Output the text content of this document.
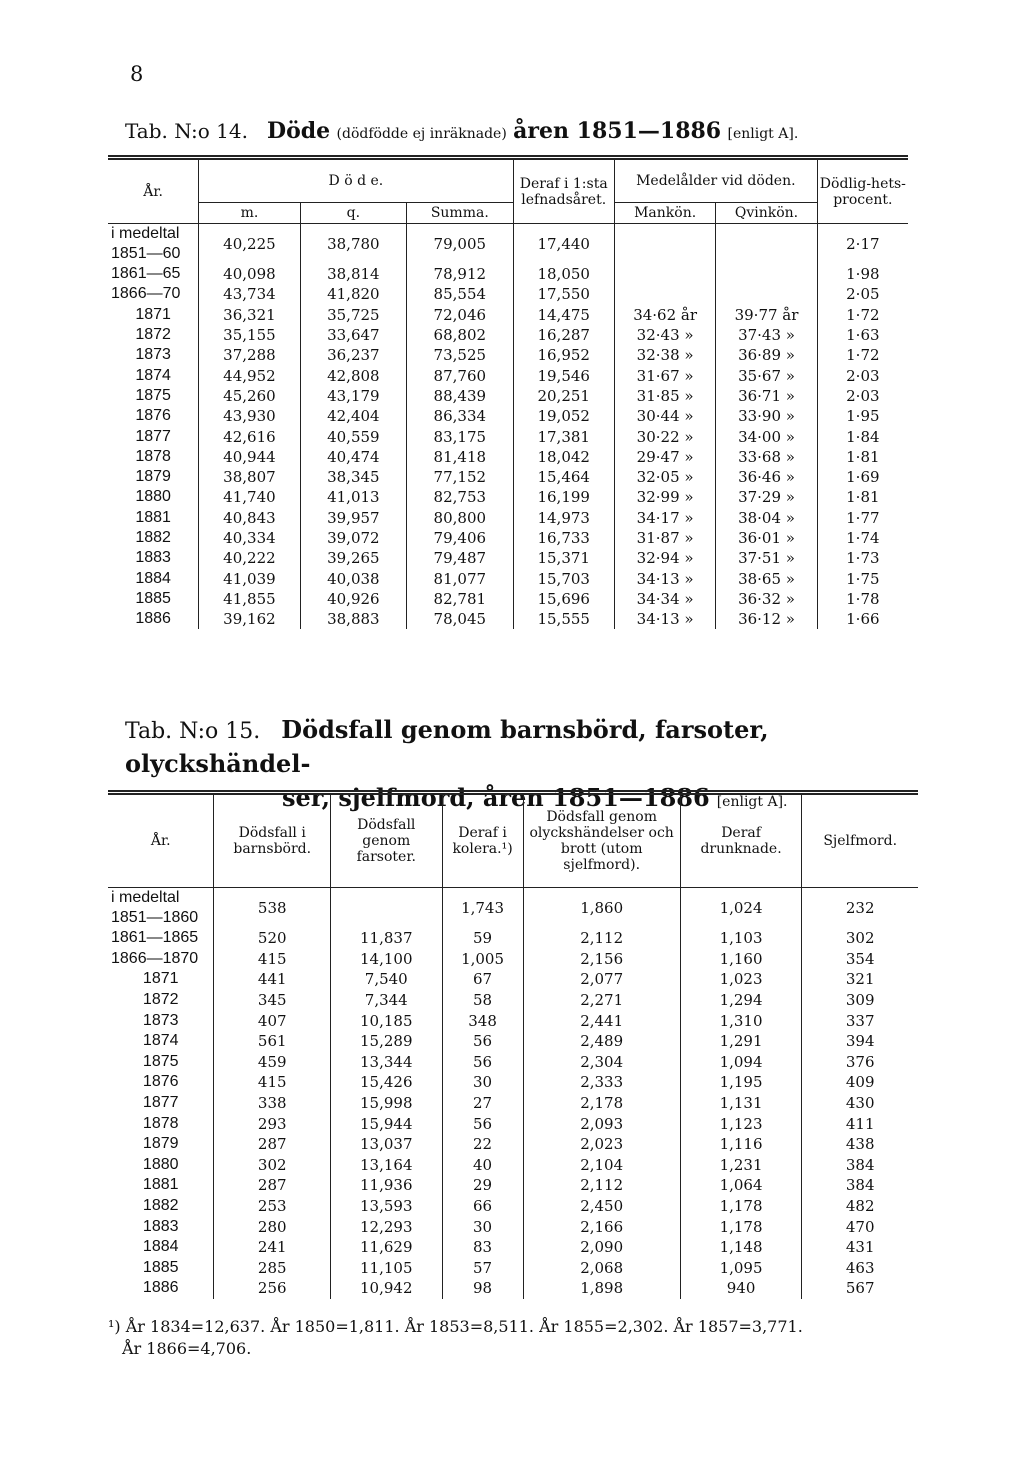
8
Tab. N:o 14. Döde (dödfödde ej inräknade) åren 1851—1886 [enligt A].
År.	D ö d e.			Deraf i 1:sta lefnadsåret.	Medelålder vid döden.		Dödlig-hets-procent.
	m.	q.	Summa.		Mankön.	Qvinkön.	

i medeltal
1851—60	40,225	38,780	79,005	17,440			2·17

1861—65	40,098	38,814	78,912	18,050			1·98
1866—70	43,734	41,820	85,554	17,550			2·05
1871	36,321	35,725	72,046	14,475	34·62 år	39·77 år	1·72
1872	35,155	33,647	68,802	16,287	32·43 »	37·43 »	1·63
1873	37,288	36,237	73,525	16,952	32·38 »	36·89 »	1·72
1874	44,952	42,808	87,760	19,546	31·67 »	35·67 »	2·03
1875	45,260	43,179	88,439	20,251	31·85 »	36·71 »	2·03
1876	43,930	42,404	86,334	19,052	30·44 »	33·90 »	1·95
1877	42,616	40,559	83,175	17,381	30·22 »	34·00 »	1·84
1878	40,944	40,474	81,418	18,042	29·47 »	33·68 »	1·81
1879	38,807	38,345	77,152	15,464	32·05 »	36·46 »	1·69
1880	41,740	41,013	82,753	16,199	32·99 »	37·29 »	1·81
1881	40,843	39,957	80,800	14,973	34·17 »	38·04 »	1·77
1882	40,334	39,072	79,406	16,733	31·87 »	36·01 »	1·74
1883	40,222	39,265	79,487	15,371	32·94 »	37·51 »	1·73
1884	41,039	40,038	81,077	15,703	34·13 »	38·65 »	1·75
1885	41,855	40,926	82,781	15,696	34·34 »	36·32 »	1·78
1886	39,162	38,883	78,045	15,555	34·13 »	36·12 »	1·66
Tab. N:o 15. Dödsfall genom barnsbörd, farsoter, olyckshändel-
ser, sjelfmord, åren 1851—1886 [enligt A].
År.	Dödsfall i barnsbörd.	Dödsfall genom farsoter.	Deraf i kolera.¹)	Dödsfall genom olyckshändelser och brott (utom sjelfmord).	Deraf drunknade.	Sjelfmord.

i medeltal
1851—1860	538		1,743	1,860	1,024	232

1861—1865	520	11,837	59	2,112	1,103	302
1866—1870	415	14,100	1,005	2,156	1,160	354
1871	441	7,540	67	2,077	1,023	321
1872	345	7,344	58	2,271	1,294	309
1873	407	10,185	348	2,441	1,310	337
1874	561	15,289	56	2,489	1,291	394
1875	459	13,344	56	2,304	1,094	376
1876	415	15,426	30	2,333	1,195	409
1877	338	15,998	27	2,178	1,131	430
1878	293	15,944	56	2,093	1,123	411
1879	287	13,037	22	2,023	1,116	438
1880	302	13,164	40	2,104	1,231	384
1881	287	11,936	29	2,112	1,064	384
1882	253	13,593	66	2,450	1,178	482
1883	280	12,293	30	2,166	1,178	470
1884	241	11,629	83	2,090	1,148	431
1885	285	11,105	57	2,068	1,095	463
1886	256	10,942	98	1,898	940	567
¹) År 1834=12,637. År 1850=1,811. År 1853=8,511. År 1855=2,302. År 1857=3,771.
År 1866=4,706.
